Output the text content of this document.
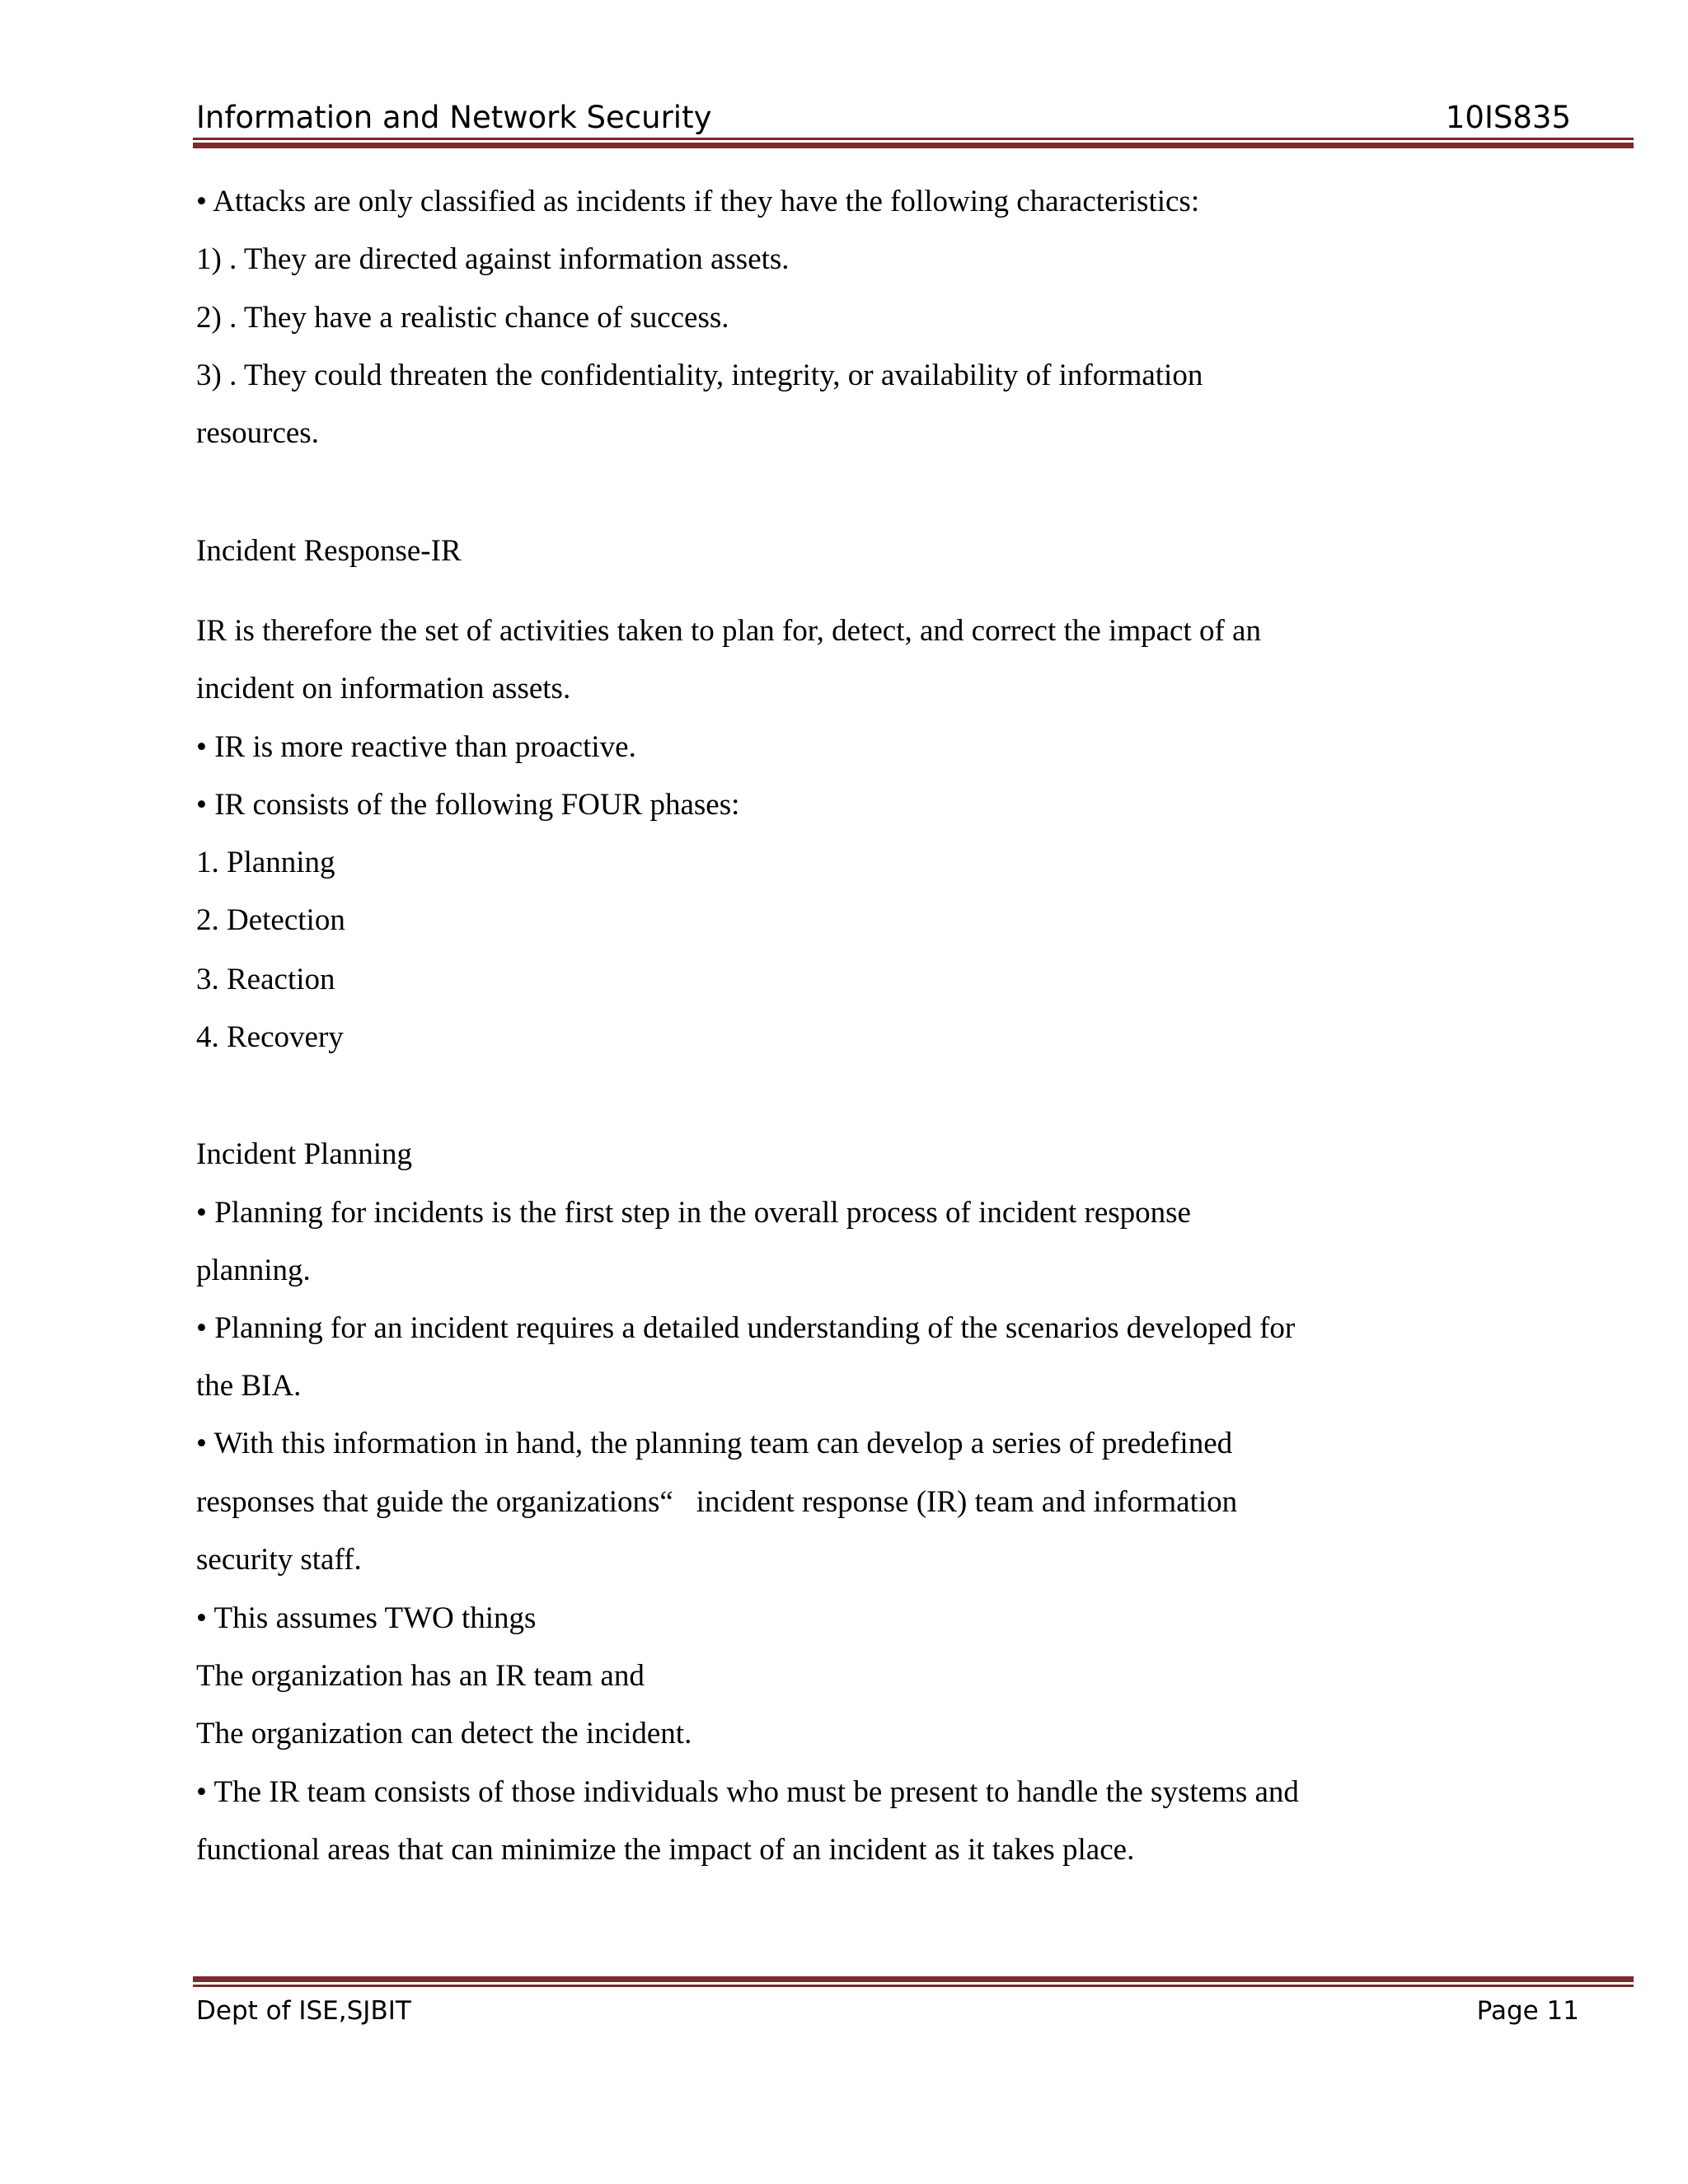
Information and Network Security	10IS835
• Attacks are only classified as incidents if they have the following characteristics:
1) . They are directed against information assets.
2) . They have a realistic chance of success.
3) . They could threaten the confidentiality, integrity, or availability of information
resources.
Incident Response-IR
IR is therefore the set of activities taken to plan for, detect, and correct the impact of an
incident on information assets.
• IR is more reactive than proactive.
• IR consists of the following FOUR phases:
1. Planning
2. Detection
3. Reaction
4. Recovery
Incident Planning
• Planning for incidents is the first step in the overall process of incident response
planning.
• Planning for an incident requires a detailed understanding of the scenarios developed for
the BIA.
• With this information in hand, the planning team can develop a series of predefined
responses that guide the organizations“   incident response (IR) team and information
security staff.
• This assumes TWO things
The organization has an IR team and
The organization can detect the incident.
• The IR team consists of those individuals who must be present to handle the systems and
functional areas that can minimize the impact of an incident as it takes place.
Dept of ISE,SJBIT	Page 11
